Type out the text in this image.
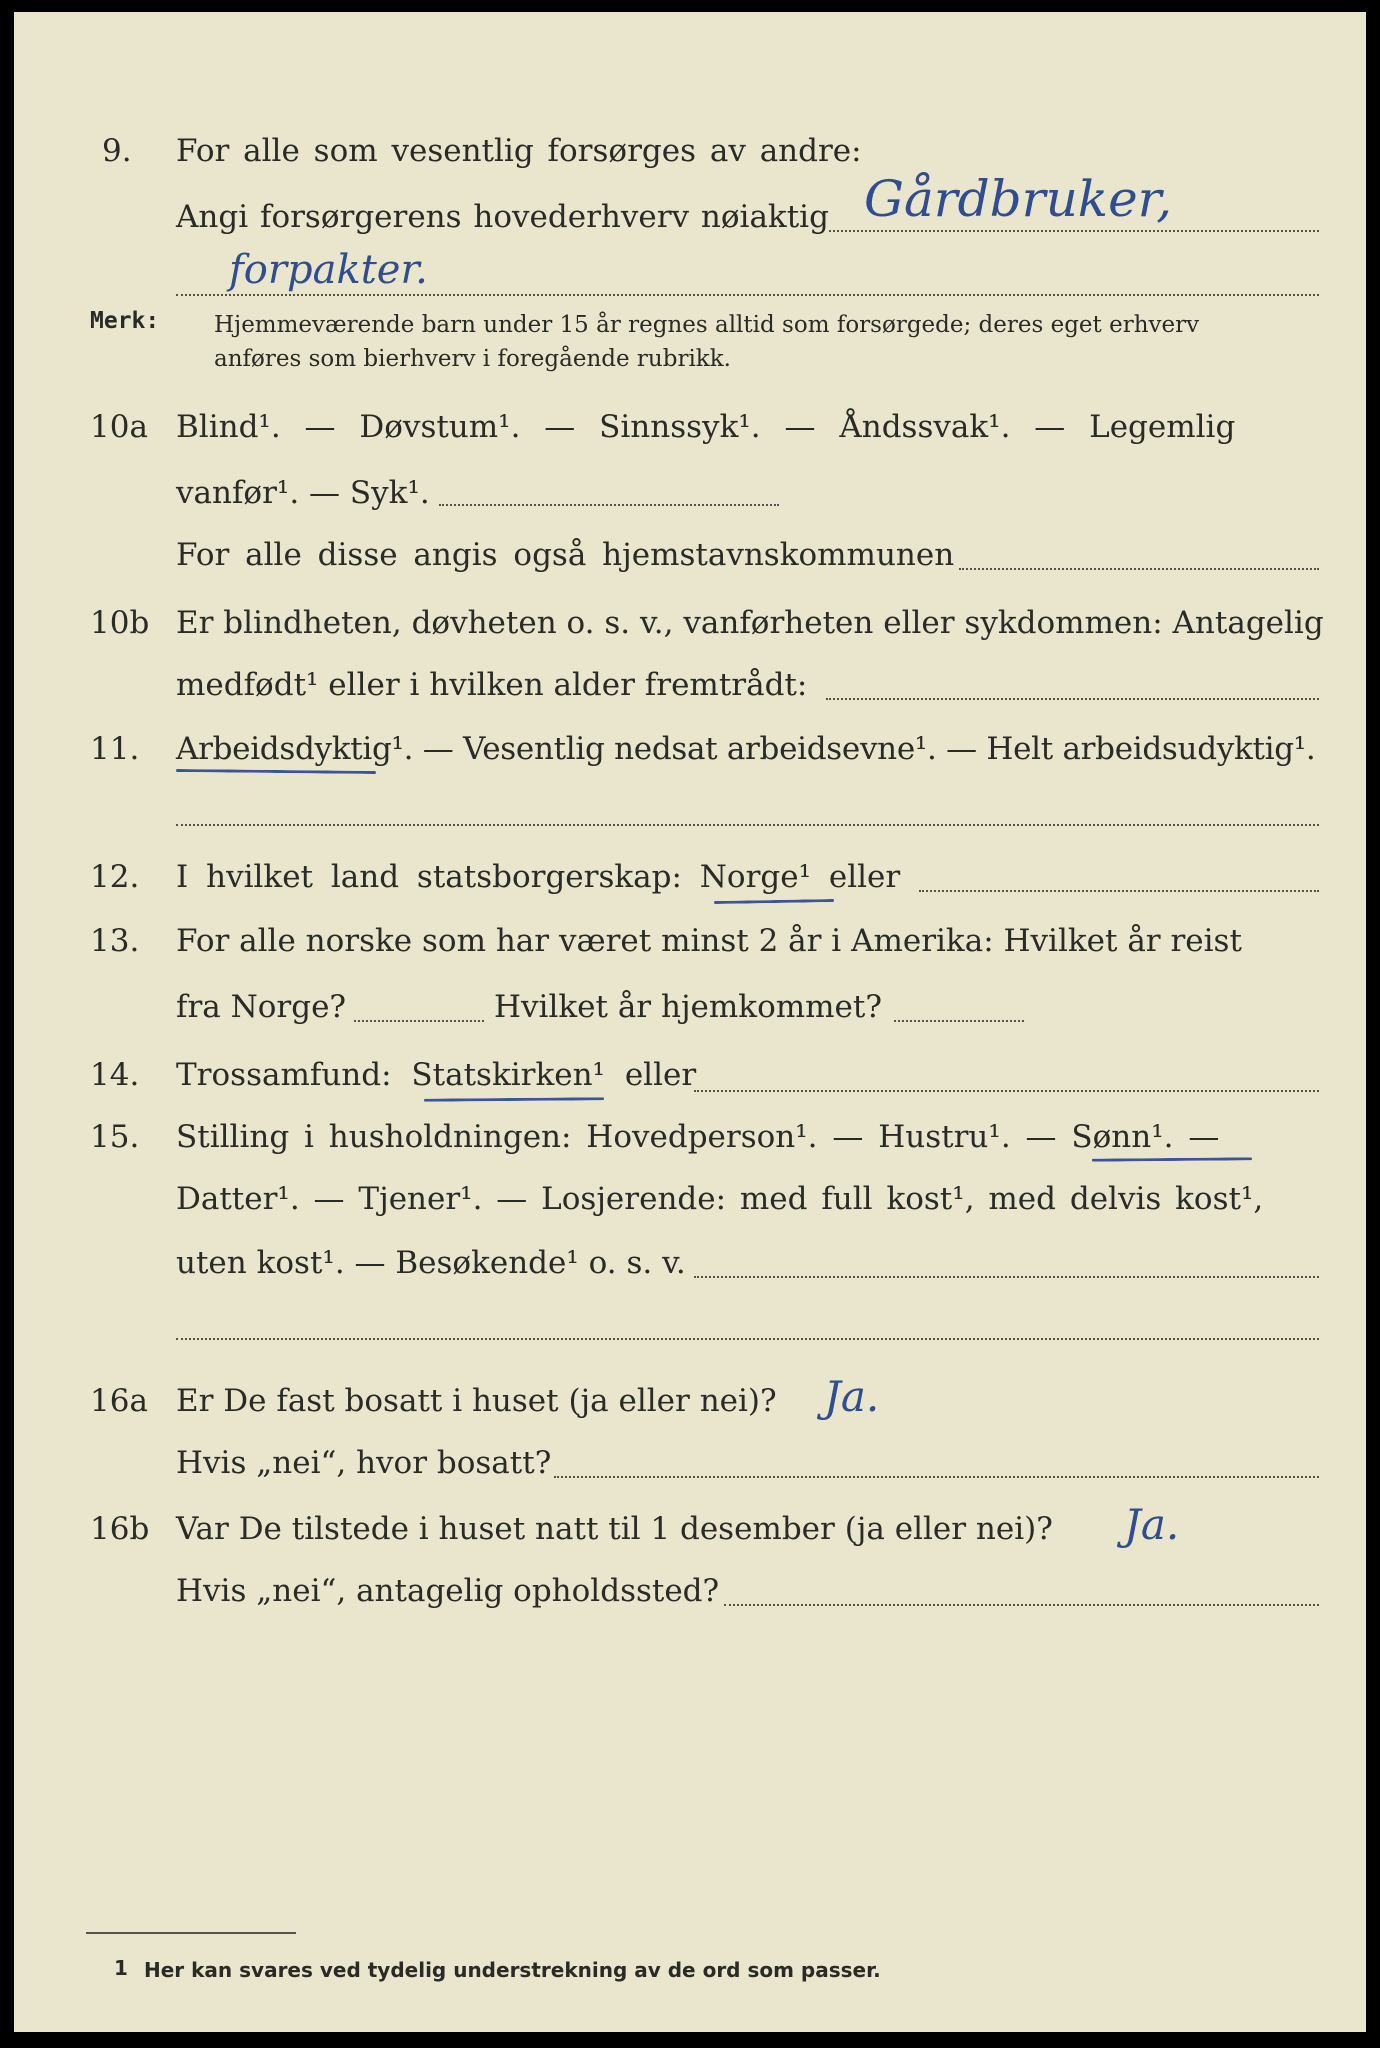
9. For alle som vesentlig forsørges av andre:
Angi forsørgerens hovederhverv nøiaktig Gårdbruker,
forpakter.
Merk: Hjemmeværende barn under 15 år regnes alltid som forsørgede; deres eget erhverv
anføres som bierhverv i foregående rubrikk.
10a Blind¹. — Døvstum¹. — Sinnssyk¹. — Åndssvak¹. — Legemlig
vanfør¹. — Syk¹.
For alle disse angis også hjemstavnskommunen
10b Er blindheten, døvheten o. s. v., vanførheten eller sykdommen: Antagelig
medfødt¹ eller i hvilken alder fremtrådt:
11. Arbeidsdyktig¹. — Vesentlig nedsat arbeidsevne¹. — Helt arbeidsudyktig¹.
12. I hvilket land statsborgerskap: Norge¹ eller
13. For alle norske som har været minst 2 år i Amerika: Hvilket år reist
fra Norge?	Hvilket år hjemkommet?
14. Trossamfund: Statskirken¹ eller
15. Stilling i husholdningen: Hovedperson¹. — Hustru¹. — Sønn¹. —
Datter¹. — Tjener¹. — Losjerende: med full kost¹, med delvis kost¹,
uten kost¹. — Besøkende¹ o. s. v.
16a Er De fast bosatt i huset (ja eller nei)? Ja.
Hvis „nei“, hvor bosatt?
16b Var De tilstede i huset natt til 1 desember (ja eller nei)? Ja.
Hvis „nei“, antagelig opholdssted?
1 Her kan svares ved tydelig understrekning av de ord som passer.
